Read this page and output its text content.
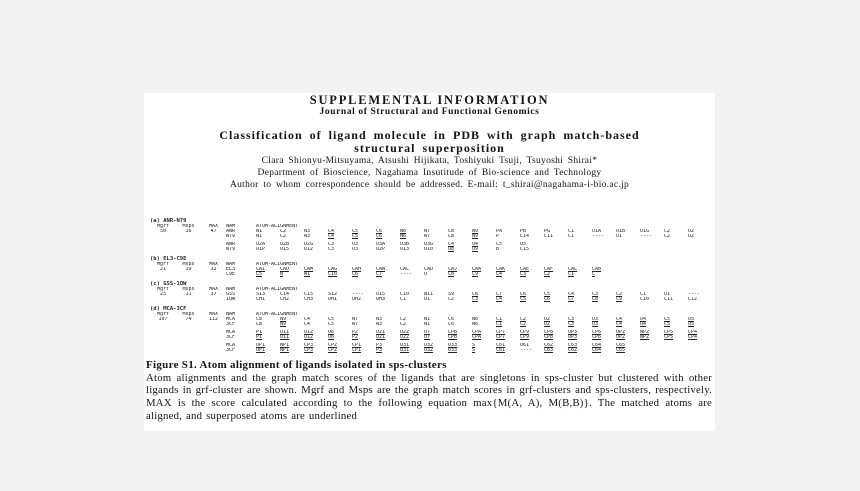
SUPPLEMENTAL INFORMATION
Journal of Structural and Functional Genomics
Classification of ligand molecule in PDB with graph match-based
structural superposition
Clara Shionyu-Mitsuyama, Atsushi Hijikata, Toshiyuki Tsuji, Tsuyoshi Shirai*
Department of Bioscience, Nagahama Insutitude of Bio-science and Technology
Author to whom correspondence should be addressed. E-mail: t_shirai@nagahama-i-bio.ac.jp
(a) ANR-N79
Mgrf	Msps	MAX	NAM	ATOM-ALIGNMENT
50	16	47	ANR	N1	C2	N3	C4	C5	C6	N6	N7	C8	N9	PA	PB	PG	C1	O1A	O1B	O1G	C2	O2
N79	N1	C2	N3	C4	C5	C6	N6	N7	C8	N9	P	C14	C11	C1	----	O1	----	C2	O2
ANR	O2A	O2B	O2G	C3	O3	O3A	O3B	O3G	C4	O4	C5	O5
N79	O1P	O15	O12	C3	O3	O2P	O13	O10	O8	O9	B	C15
(b) EL3-C9E
Mgrf	Msps	MAX	NAM	ATOM-ALIGNMENT
21	19	32	EL3	CAI	CAO	CAM	CAG	CAH	CAN	CAC	CAD	CAJ	CAA	CAK	CAE	CAF	CAL	CAB
C9E	C5	N	N1	C10	C6	C7	----	O	C8	C9	C4	C3	C2	C1	C
(c) GSS-1QW
Mgrf	Msps	MAX	NAM	ATOM-ALIGNMENT
23	11	37	GSS	S13	C14	C15	S12	----	O15	C10	N11	S9	C8	C7	C6	C5	C4	C3	C2	C1	O1	----
1QW	CH1	CH2	CH3	OH1	OH2	OH3	C1	O1	C2	C3	C4	C5	C6	C7	C8	C9	C10	C11	C12
(d) MCA-3CF
Mgrf	Msps	MAX	NAM	ATOM-ALIGNMENT
107	74	112	MCA	C8	N9	C4	C5	N7	N3	C2	N1	C6	N6	C1	C2	O2	C3	O3	C4	O4	C5	O5
3CF	C8	N9	C4	C5	N7	N3	C2	N1	C6	N6	C1	C2	O2	C3	O3	C4	O4	C5	O5
MCA	P1	O11	O12	O6	P2	O21	O22	O7	CPB	CPA	CP7	CP9	CP8	OP3	CP6	OP2	NP2	CP5	CP4
3CF	P1	O11	O12	O6	P2	O21	O22	O7	CPB	CPA	CP7	CP9	CP8	OP3	CP6	OP2	NP2	CP5	CP4
MCA	OP1	NP1	CP3	CP2	CP1	P3	O31	O32	O33	S	C61	O61	C62	C63	C64	C65
3CF	OP1	NP1	CP3	CP2	CP1	P3	O31	O32	O33	S	C61	----	C63	C62	C64	C65
Figure S1. Atom alignment of ligands isolated in sps-clusters
Atom alignments and the graph match scores of the ligands that are singletons in sps-cluster but clustered with other ligands in grf-cluster are shown. Mgrf and Msps are the graph match scores in grf-clusters and sps-clusters, respectively. MAX is the score calculated according to the following equation max{M(A, A), M(B,B)}. The matched atoms are aligned, and superposed atoms are underlined
